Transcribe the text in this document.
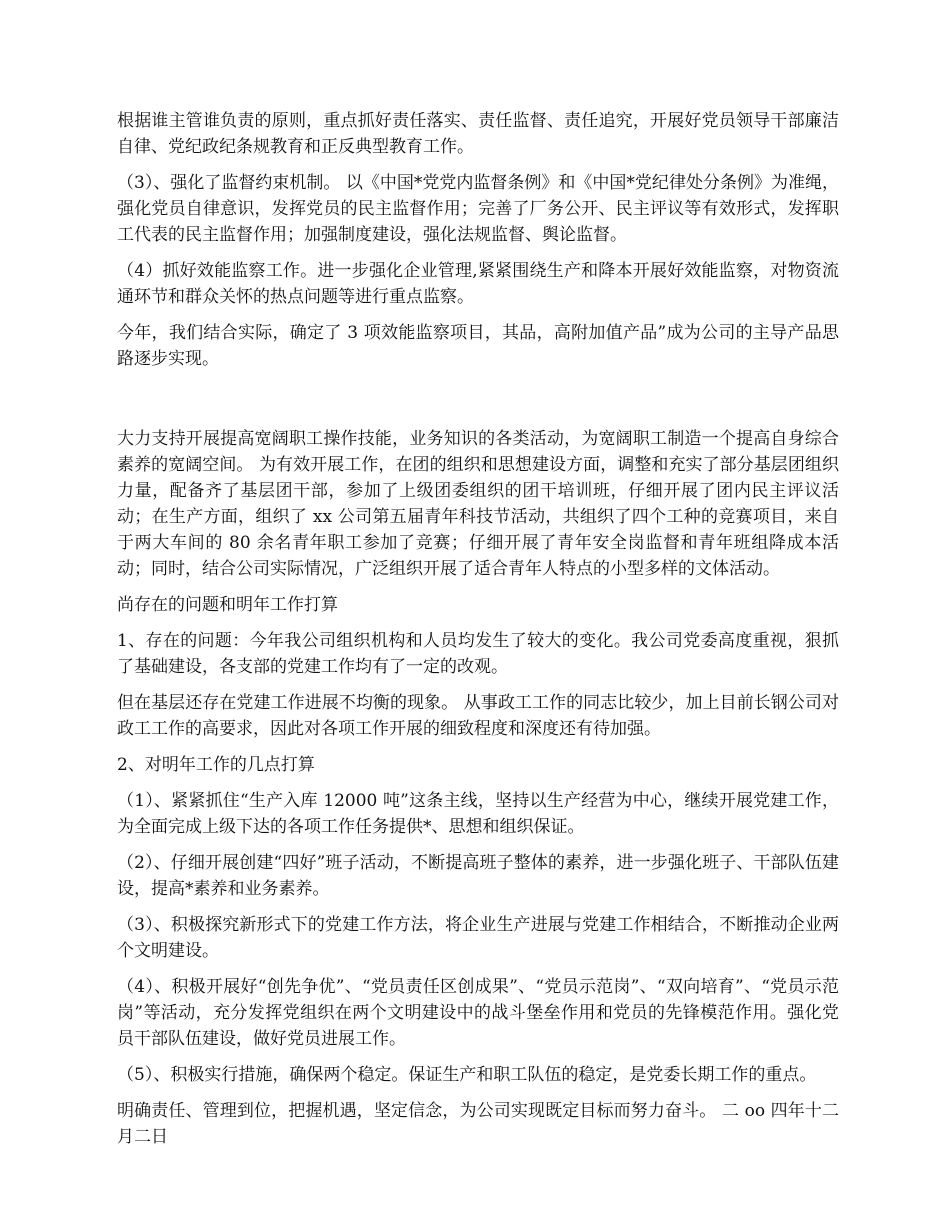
根据谁主管谁负责的原则，重点抓好责任落实、责任监督、责任追究，开展好党员领导干部廉洁自律、党纪政纪条规教育和正反典型教育工作。

（3）、强化了监督约束机制。 以《中国*党党内监督条例》和《中国*党纪律处分条例》为准绳，强化党员自律意识，发挥党员的民主监督作用；完善了厂务公开、民主评议等有效形式，发挥职工代表的民主监督作用；加强制度建设，强化法规监督、舆论监督。

（4）抓好效能监察工作。进一步强化企业管理,紧紧围绕生产和降本开展好效能监察，对物资流通环节和群众关怀的热点问题等进行重点监察。

今年，我们结合实际，确定了 3 项效能监察项目，其品，高附加值产品”成为公司的主导产品思路逐步实现。

大力支持开展提高宽阔职工操作技能，业务知识的各类活动，为宽阔职工制造一个提高自身综合素养的宽阔空间。 为有效开展工作，在团的组织和思想建设方面，调整和充实了部分基层团组织力量，配备齐了基层团干部，参加了上级团委组织的团干培训班，仔细开展了团内民主评议活动；在生产方面，组织了 xx 公司第五届青年科技节活动，共组织了四个工种的竞赛项目，来自于两大车间的 80 余名青年职工参加了竞赛；仔细开展了青年安全岗监督和青年班组降成本活动；同时，结合公司实际情况，广泛组织开展了适合青年人特点的小型多样的文体活动。

尚存在的问题和明年工作打算

1、存在的问题：今年我公司组织机构和人员均发生了较大的变化。我公司党委高度重视，狠抓了基础建设，各支部的党建工作均有了一定的改观。

但在基层还存在党建工作进展不均衡的现象。 从事政工工作的同志比较少，加上目前长钢公司对政工工作的高要求，因此对各项工作开展的细致程度和深度还有待加强。

2、对明年工作的几点打算

（1）、紧紧抓住“生产入库 12000 吨”这条主线，坚持以生产经营为中心，继续开展党建工作，为全面完成上级下达的各项工作任务提供*、思想和组织保证。

（2）、仔细开展创建“四好”班子活动，不断提高班子整体的素养，进一步强化班子、干部队伍建设，提高*素养和业务素养。

（3）、积极探究新形式下的党建工作方法，将企业生产进展与党建工作相结合，不断推动企业两个文明建设。

（4）、积极开展好“创先争优”、“党员责任区创成果”、“党员示范岗”、“双向培育”、“党员示范岗”等活动，充分发挥党组织在两个文明建设中的战斗堡垒作用和党员的先锋模范作用。强化党员干部队伍建设，做好党员进展工作。

（5）、积极实行措施，确保两个稳定。保证生产和职工队伍的稳定，是党委长期工作的重点。

明确责任、管理到位，把握机遇，坚定信念，为公司实现既定目标而努力奋斗。 二 oo 四年十二月二日
